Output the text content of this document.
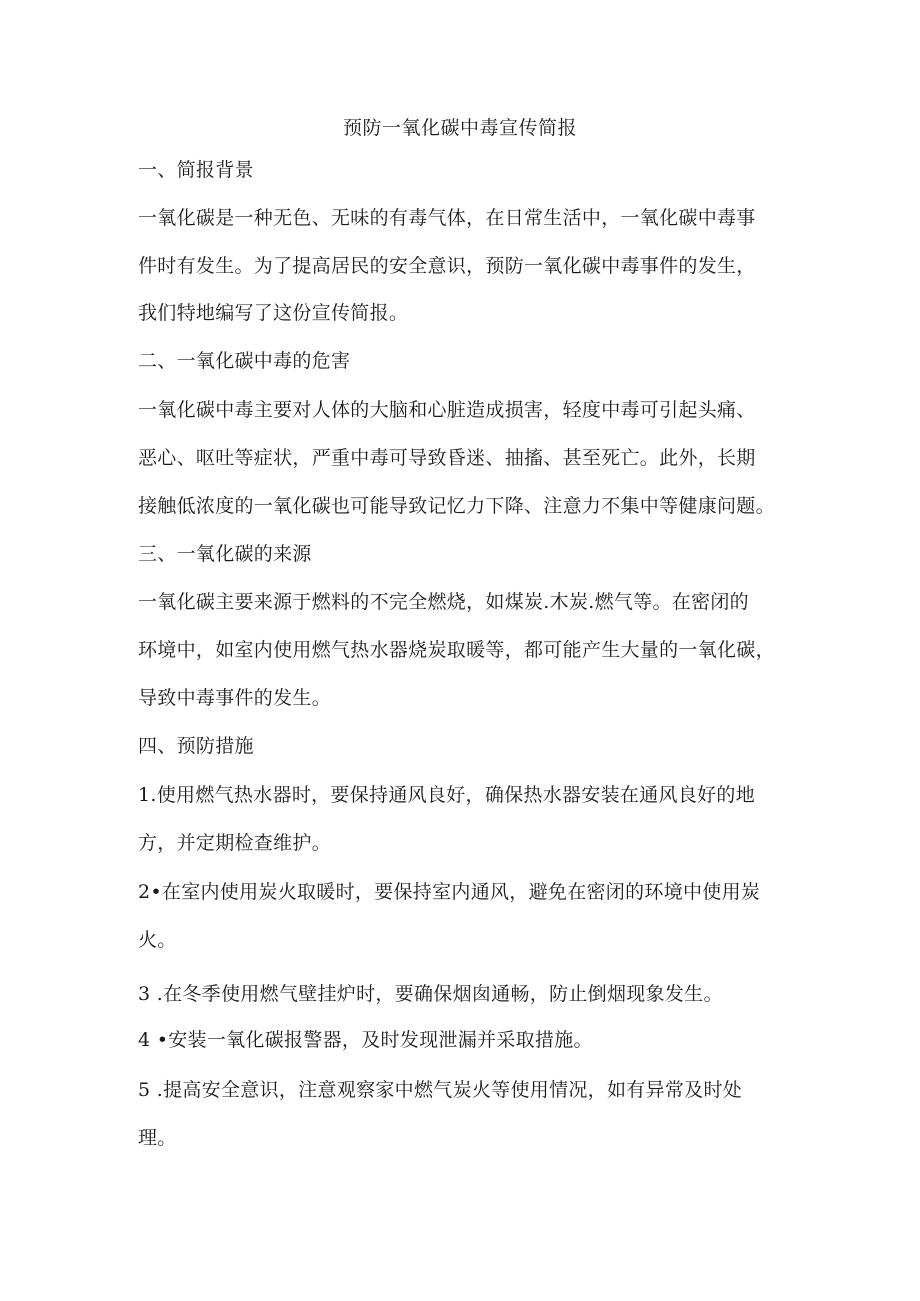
预防一氧化碳中毒宣传简报
一、简报背景
一氧化碳是一种无色、无味的有毒气体，在日常生活中，一氧化碳中毒事
件时有发生。为了提高居民的安全意识，预防一氧化碳中毒事件的发生，
我们特地编写了这份宣传简报。
二、一氧化碳中毒的危害
一氧化碳中毒主要对人体的大脑和心脏造成损害，轻度中毒可引起头痛、
恶心、呕吐等症状，严重中毒可导致昏迷、抽搐、甚至死亡。此外，长期
接触低浓度的一氧化碳也可能导致记忆力下降、注意力不集中等健康问题。
三、一氧化碳的来源
一氧化碳主要来源于燃料的不完全燃烧，如煤炭.木炭.燃气等。在密闭的
环境中，如室内使用燃气热水器烧炭取暖等，都可能产生大量的一氧化碳，
导致中毒事件的发生。
四、预防措施
1.使用燃气热水器时，要保持通风良好，确保热水器安装在通风良好的地
方，并定期检查维护。
2•在室内使用炭火取暖时，要保持室内通风，避免在密闭的环境中使用炭
火。
3 .在冬季使用燃气壁挂炉时，要确保烟囱通畅，防止倒烟现象发生。
4 •安装一氧化碳报警器，及时发现泄漏并采取措施。
5 .提高安全意识，注意观察家中燃气炭火等使用情况，如有异常及时处
理。
